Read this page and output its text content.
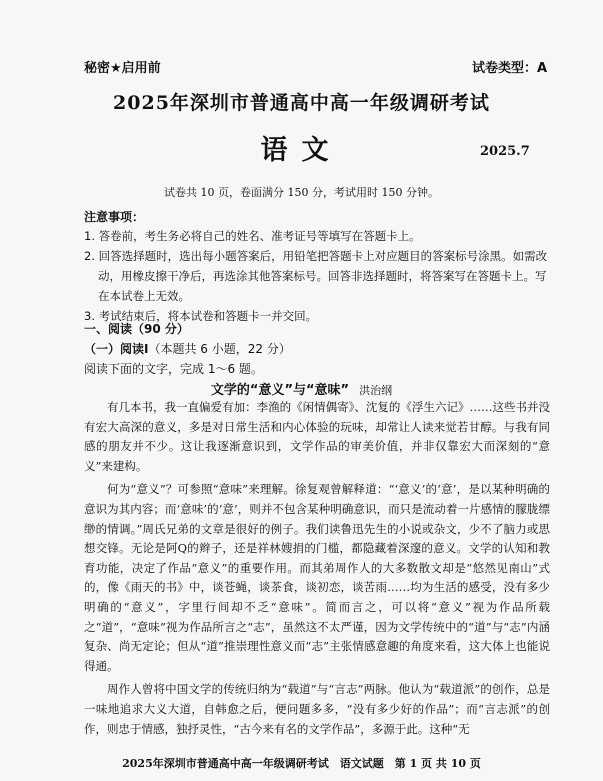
秘密★启用前	试卷类型：A
2025年深圳市普通高中高一年级调研考试
语文	2025.7
试卷共 10 页，卷面满分 150 分，考试用时 150 分钟。
注意事项：
1. 答卷前，考生务必将自己的姓名、准考证号等填写在答题卡上。
2. 回答选择题时，选出每小题答案后，用铅笔把答题卡上对应题目的答案标号涂黑。如需改动，用橡皮擦干净后，再选涂其他答案标号。回答非选择题时，将答案写在答题卡上。写在本试卷上无效。
3. 考试结束后，将本试卷和答题卡一并交回。
一、阅读（90 分）
（一）阅读Ⅰ（本题共 6 小题，22 分）
阅读下面的文字，完成 1～6 题。
文学的“意义”与“意味” 洪治纲

有几本书，我一直偏爱有加：李渔的《闲情偶寄》、沈复的《浮生六记》……这些书并没有宏大高深的意义，多是对日常生活和内心体验的玩味，却常让人读来觉若甘醇。与我有同感的朋友并不少。这让我逐渐意识到，文学作品的审美价值，并非仅靠宏大而深刻的“意义”来建构。

何为“意义”？可参照“意味”来理解。徐复观曾解释道：“‘意义’的‘意’，是以某种明确的意识为其内容；而‘意味’的‘意’，则并不包含某种明确意识，而只是流动着一片感情的朦胧缥缈的情调。”周氏兄弟的文章是很好的例子。我们读鲁迅先生的小说或杂文，少不了脑力或思想交锋。无论是阿Q的辫子，还是祥林嫂捐的门槛，都隐藏着深邃的意义。文学的认知和教育功能，决定了作品“意义”的重要作用。而其弟周作人的大多数散文却是“悠然见南山”式的，像《雨天的书》中，谈苍蝇，谈茶食，谈初恋，谈苦雨……均为生活的感受，没有多少明确的“意义”，字里行间却不乏“意味”。简而言之，可以将“意义”视为作品所载之“道”，“意味”视为作品所言之“志”，虽然这不太严谨，因为文学传统中的“道”与“志”内涵复杂、尚无定论；但从“道”推崇理性意义而“志”主张情感意趣的角度来看，这大体上也能说得通。

周作人曾将中国文学的传统归纳为“载道”与“言志”两脉。他认为“载道派”的创作，总是一味地追求大义大道，自韩愈之后，便问题多多，“没有多少好的作品”；而“言志派”的创作，则忠于情感，独抒灵性，“古今来有名的文学作品”，多源于此。这种“无

2025年深圳市普通高中高一年级调研考试　语文试题　第 1 页 共 10 页
